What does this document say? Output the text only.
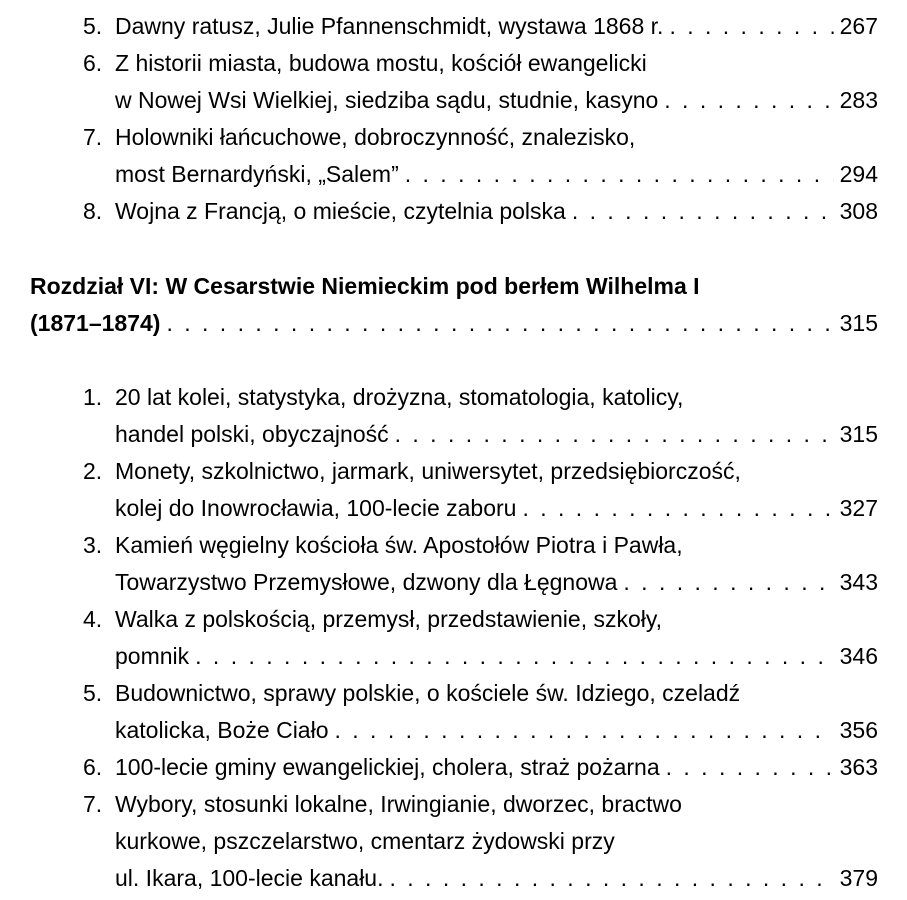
5. Dawny ratusz, Julie Pfannenschmidt, wystawa 1868 r. . . .	267
6. Z historii miasta, budowa mostu, kościół ewangelicki
w Nowej Wsi Wielkiej, siedziba sądu, studnie, kasyno . . .	283
7. Holowniki łańcuchowe, dobroczynność, znalezisko,
most Bernardyński, „Salem” . . .	294
8. Wojna z Francją, o mieście, czytelnia polska . . .	308
Rozdział VI: W Cesarstwie Niemieckim pod berłem Wilhelma I
(1871–1874) . . .	315
1. 20 lat kolei, statystyka, drożyzna, stomatologia, katolicy,
handel polski, obyczajność . . .	315
2. Monety, szkolnictwo, jarmark, uniwersytet, przedsiębiorczość,
kolej do Inowrocławia, 100-lecie zaboru . . .	327
3. Kamień węgielny kościoła św. Apostołów Piotra i Pawła,
Towarzystwo Przemysłowe, dzwony dla Łęgnowa . . .	343
4. Walka z polskością, przemysł, przedstawienie, szkoły,
pomnik . . .	346
5. Budownictwo, sprawy polskie, o kościele św. Idziego, czeladź
katolicka, Boże Ciało . . .	356
6. 100-lecie gminy ewangelickiej, cholera, straż pożarna . . .	363
7. Wybory, stosunki lokalne, Irwingianie, dworzec, bractwo
kurkowe, pszczelarstwo, cmentarz żydowski przy
ul. Ikara, 100-lecie kanału. . . .	379
